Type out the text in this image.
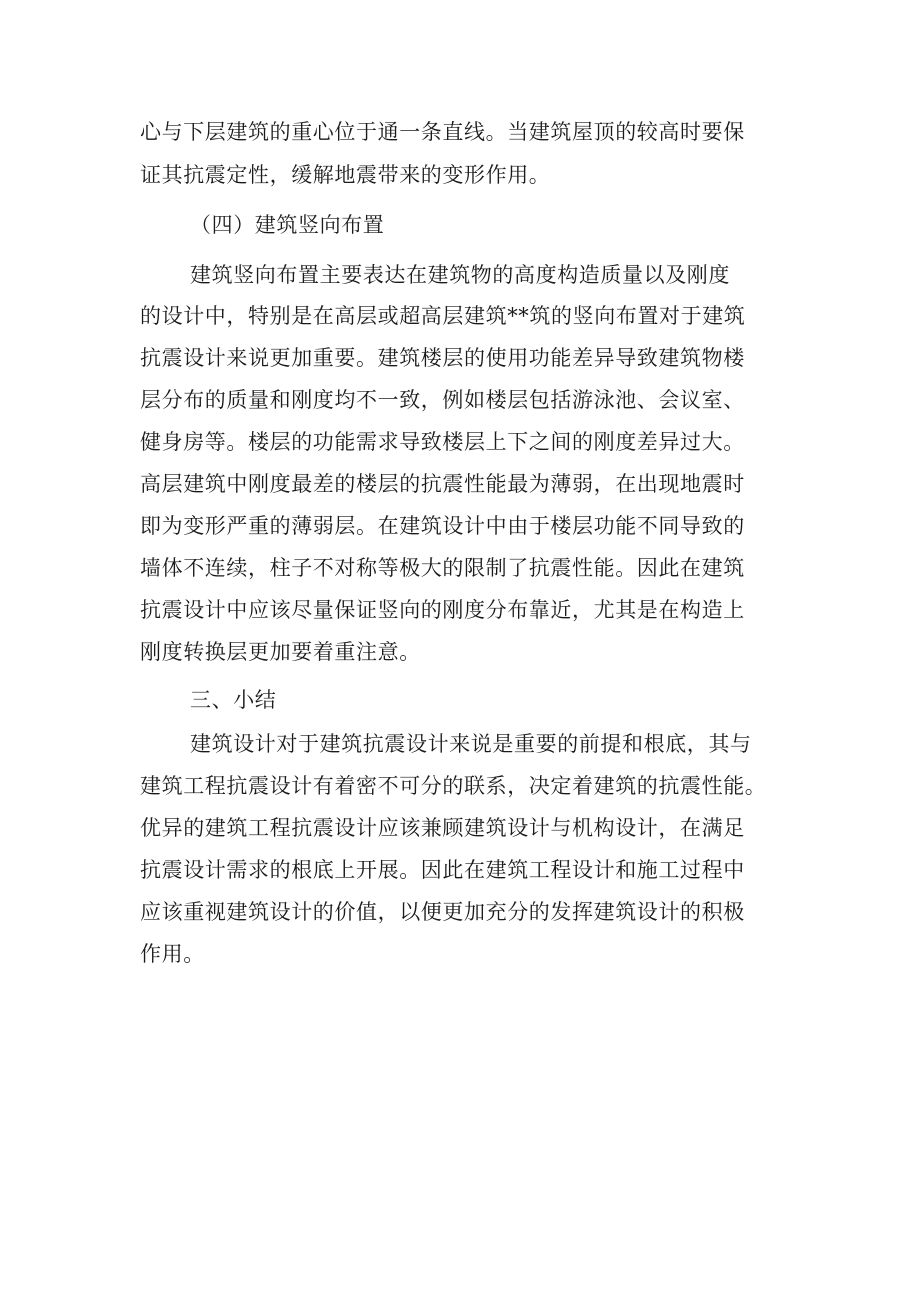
心与下层建筑的重心位于通一条直线。当建筑屋顶的较高时要保
证其抗震定性，缓解地震带来的变形作用。
（四）建筑竖向布置
建筑竖向布置主要表达在建筑物的高度构造质量以及刚度
的设计中，特别是在高层或超高层建筑**筑的竖向布置对于建筑
抗震设计来说更加重要。建筑楼层的使用功能差异导致建筑物楼
层分布的质量和刚度均不一致，例如楼层包括游泳池、会议室、
健身房等。楼层的功能需求导致楼层上下之间的刚度差异过大。
高层建筑中刚度最差的楼层的抗震性能最为薄弱，在出现地震时
即为变形严重的薄弱层。在建筑设计中由于楼层功能不同导致的
墙体不连续，柱子不对称等极大的限制了抗震性能。因此在建筑
抗震设计中应该尽量保证竖向的刚度分布靠近，尤其是在构造上
刚度转换层更加要着重注意。
三、小结
建筑设计对于建筑抗震设计来说是重要的前提和根底，其与
建筑工程抗震设计有着密不可分的联系，决定着建筑的抗震性能。
优异的建筑工程抗震设计应该兼顾建筑设计与机构设计，在满足
抗震设计需求的根底上开展。因此在建筑工程设计和施工过程中
应该重视建筑设计的价值，以便更加充分的发挥建筑设计的积极
作用。
